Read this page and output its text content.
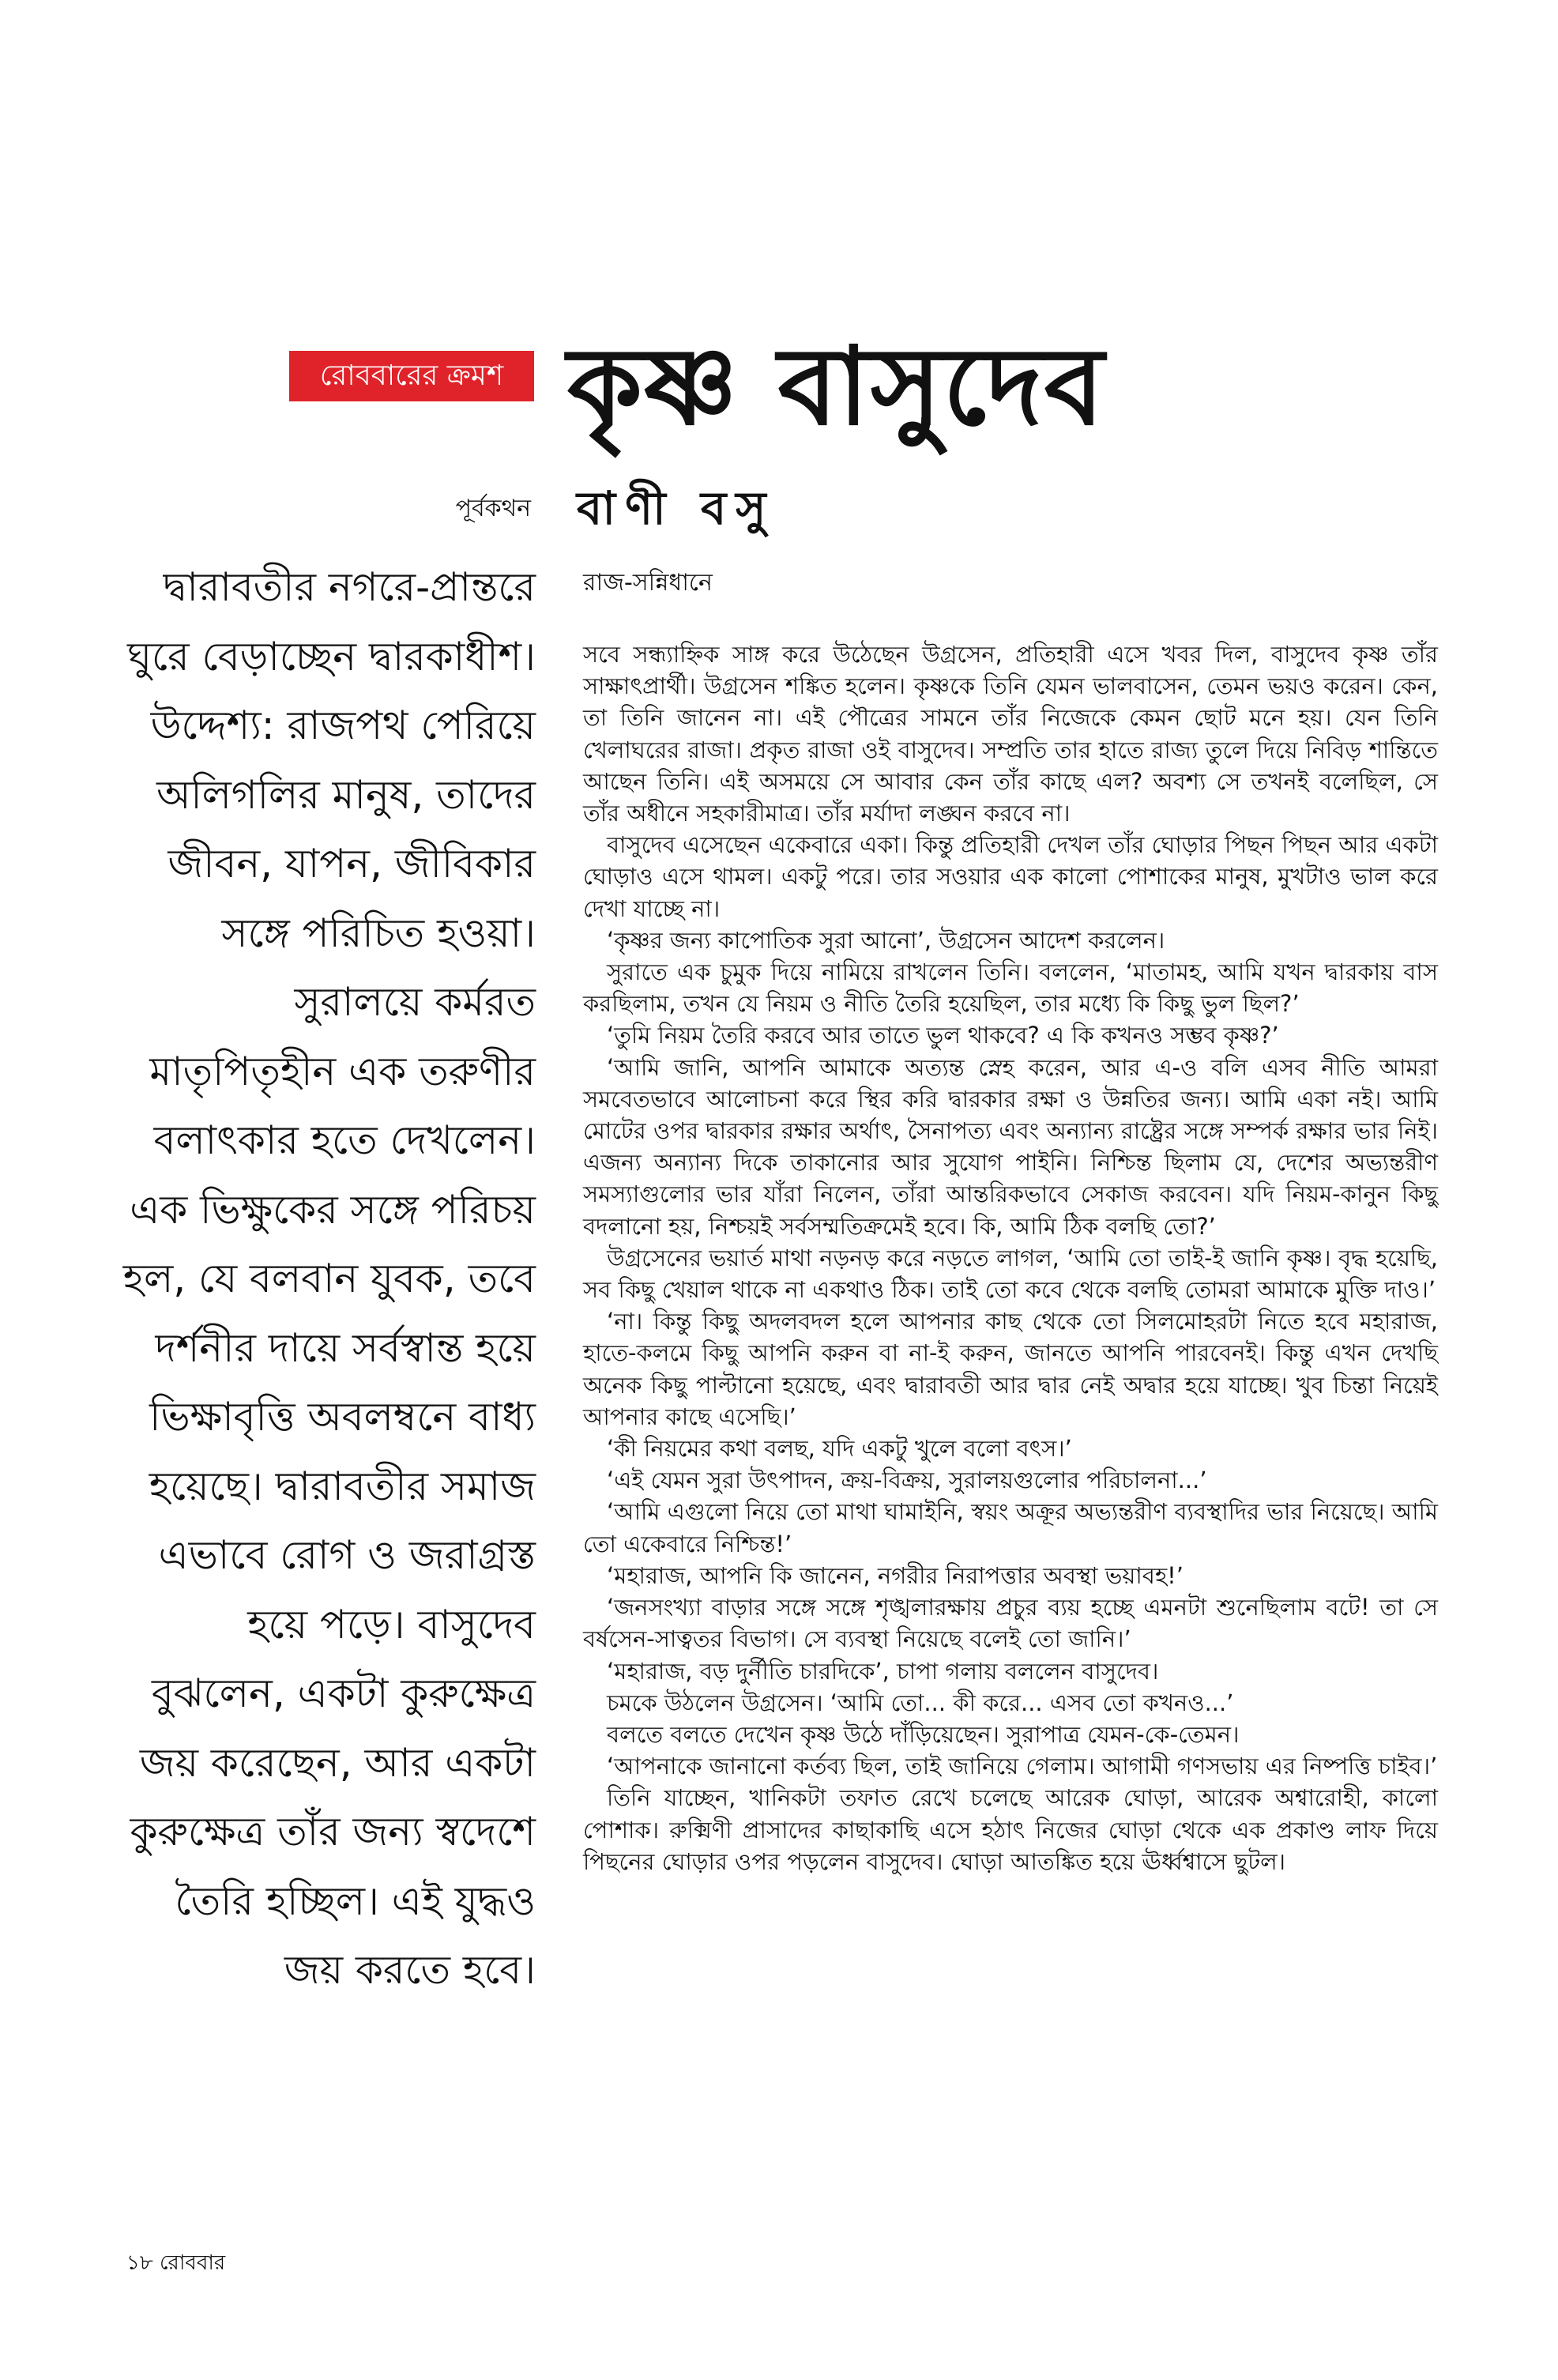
রোববারের ক্রমশ কৃষ্ণ বাসুদেব
পূর্বকথন বাণী বসু

দ্বারাবতীর নগরে-প্রান্তরে ঘুরে বেড়াচ্ছেন দ্বারকাধীশ। উদ্দেশ্য: রাজপথ পেরিয়ে অলিগলির মানুষ, তাদের জীবন, যাপন, জীবিকার সঙ্গে পরিচিত হওয়া। সুরালয়ে কর্মরত মাতৃপিতৃহীন এক তরুণীর বলাৎকার হতে দেখলেন। এক ভিক্ষুকের সঙ্গে পরিচয় হল, যে বলবান যুবক, তবে দর্শনীর দায়ে সর্বস্বান্ত হয়ে ভিক্ষাবৃত্তি অবলম্বনে বাধ্য হয়েছে। দ্বারাবতীর সমাজ এভাবে রোগ ও জরাগ্রস্ত হয়ে পড়ে। বাসুদেব বুঝলেন, একটা কুরুক্ষেত্র জয় করেছেন, আর একটা কুরুক্ষেত্র তাঁর জন্য স্বদেশে তৈরি হচ্ছিল। এই যুদ্ধও জয় করতে হবে।

রাজ-সন্নিধানে

সবে সন্ধ্যাহ্নিক সাঙ্গ করে উঠেছেন উগ্রসেন, প্রতিহারী এসে খবর দিল, বাসুদেব কৃষ্ণ তাঁর সাক্ষাৎপ্রার্থী। উগ্রসেন শঙ্কিত হলেন। কৃষ্ণকে তিনি যেমন ভালবাসেন, তেমন ভয়ও করেন। কেন, তা তিনি জানেন না। এই পৌত্রের সামনে তাঁর নিজেকে কেমন ছোট মনে হয়। যেন তিনি খেলাঘরের রাজা। প্রকৃত রাজা ওই বাসুদেব। সম্প্রতি তার হাতে রাজ্য তুলে দিয়ে নিবিড় শান্তিতে আছেন তিনি। এই অসময়ে সে আবার কেন তাঁর কাছে এল? অবশ্য সে তখনই বলেছিল, সে তাঁর অধীনে সহকারীমাত্র। তাঁর মর্যাদা লঙ্ঘন করবে না।

বাসুদেব এসেছেন একেবারে একা। কিন্তু প্রতিহারী দেখল তাঁর ঘোড়ার পিছন পিছন আর একটা ঘোড়াও এসে থামল। একটু পরে। তার সওয়ার এক কালো পোশাকের মানুষ, মুখটাও ভাল করে দেখা যাচ্ছে না।

‘কৃষ্ণর জন্য কাপোতিক সুরা আনো’, উগ্রসেন আদেশ করলেন।

সুরাতে এক চুমুক দিয়ে নামিয়ে রাখলেন তিনি। বললেন, ‘মাতামহ, আমি যখন দ্বারকায় বাস করছিলাম, তখন যে নিয়ম ও নীতি তৈরি হয়েছিল, তার মধ্যে কি কিছু ভুল ছিল?’

‘তুমি নিয়ম তৈরি করবে আর তাতে ভুল থাকবে? এ কি কখনও সম্ভব কৃষ্ণ?’

‘আমি জানি, আপনি আমাকে অত্যন্ত স্নেহ করেন, আর এ-ও বলি এসব নীতি আমরা সমবেতভাবে আলোচনা করে স্থির করি দ্বারকার রক্ষা ও উন্নতির জন্য। আমি একা নই। আমি মোটের ওপর দ্বারকার রক্ষার অর্থাৎ, সৈনাপত্য এবং অন্যান্য রাষ্ট্রের সঙ্গে সম্পর্ক রক্ষার ভার নিই। এজন্য অন্যান্য দিকে তাকানোর আর সুযোগ পাইনি। নিশ্চিন্ত ছিলাম যে, দেশের অভ্যন্তরীণ সমস্যাগুলোর ভার যাঁরা নিলেন, তাঁরা আন্তরিকভাবে সেকাজ করবেন। যদি নিয়ম-কানুন কিছু বদলানো হয়, নিশ্চয়ই সর্বসম্মতিক্রমেই হবে। কি, আমি ঠিক বলছি তো?’

উগ্রসেনের ভয়ার্ত মাথা নড়নড় করে নড়তে লাগল, ‘আমি তো তাই-ই জানি কৃষ্ণ। বৃদ্ধ হয়েছি, সব কিছু খেয়াল থাকে না একথাও ঠিক। তাই তো কবে থেকে বলছি তোমরা আমাকে মুক্তি দাও।’

‘না। কিন্তু কিছু অদলবদল হলে আপনার কাছ থেকে তো সিলমোহরটা নিতে হবে মহারাজ, হাতে-কলমে কিছু আপনি করুন বা না-ই করুন, জানতে আপনি পারবেনই। কিন্তু এখন দেখছি অনেক কিছু পাল্টানো হয়েছে, এবং দ্বারাবতী আর দ্বার নেই অদ্বার হয়ে যাচ্ছে। খুব চিন্তা নিয়েই আপনার কাছে এসেছি।’

‘কী নিয়মের কথা বলছ, যদি একটু খুলে বলো বৎস।’

‘এই যেমন সুরা উৎপাদন, ক্রয়-বিক্রয়, সুরালয়গুলোর পরিচালনা...’

‘আমি এগুলো নিয়ে তো মাথা ঘামাইনি, স্বয়ং অক্রূর অভ্যন্তরীণ ব্যবস্থাদির ভার নিয়েছে। আমি তো একেবারে নিশ্চিন্ত!’

‘মহারাজ, আপনি কি জানেন, নগরীর নিরাপত্তার অবস্থা ভয়াবহ!’

‘জনসংখ্যা বাড়ার সঙ্গে সঙ্গে শৃঙ্খলারক্ষায় প্রচুর ব্যয় হচ্ছে এমনটা শুনেছিলাম বটে! তা সে বর্ষসেন-সাত্বতর বিভাগ। সে ব্যবস্থা নিয়েছে বলেই তো জানি।’

‘মহারাজ, বড় দুর্নীতি চারদিকে’, চাপা গলায় বললেন বাসুদেব।

চমকে উঠলেন উগ্রসেন। ‘আমি তো... কী করে... এসব তো কখনও...’

বলতে বলতে দেখেন কৃষ্ণ উঠে দাঁড়িয়েছেন। সুরাপাত্র যেমন-কে-তেমন।

‘আপনাকে জানানো কর্তব্য ছিল, তাই জানিয়ে গেলাম। আগামী গণসভায় এর নিষ্পত্তি চাইব।’

তিনি যাচ্ছেন, খানিকটা তফাত রেখে চলেছে আরেক ঘোড়া, আরেক অশ্বারোহী, কালো পোশাক। রুক্মিণী প্রাসাদের কাছাকাছি এসে হঠাৎ নিজের ঘোড়া থেকে এক প্রকাণ্ড লাফ দিয়ে পিছনের ঘোড়ার ওপর পড়লেন বাসুদেব। ঘোড়া আতঙ্কিত হয়ে ঊর্ধ্বশ্বাসে ছুটল।

১৮ রোববার
